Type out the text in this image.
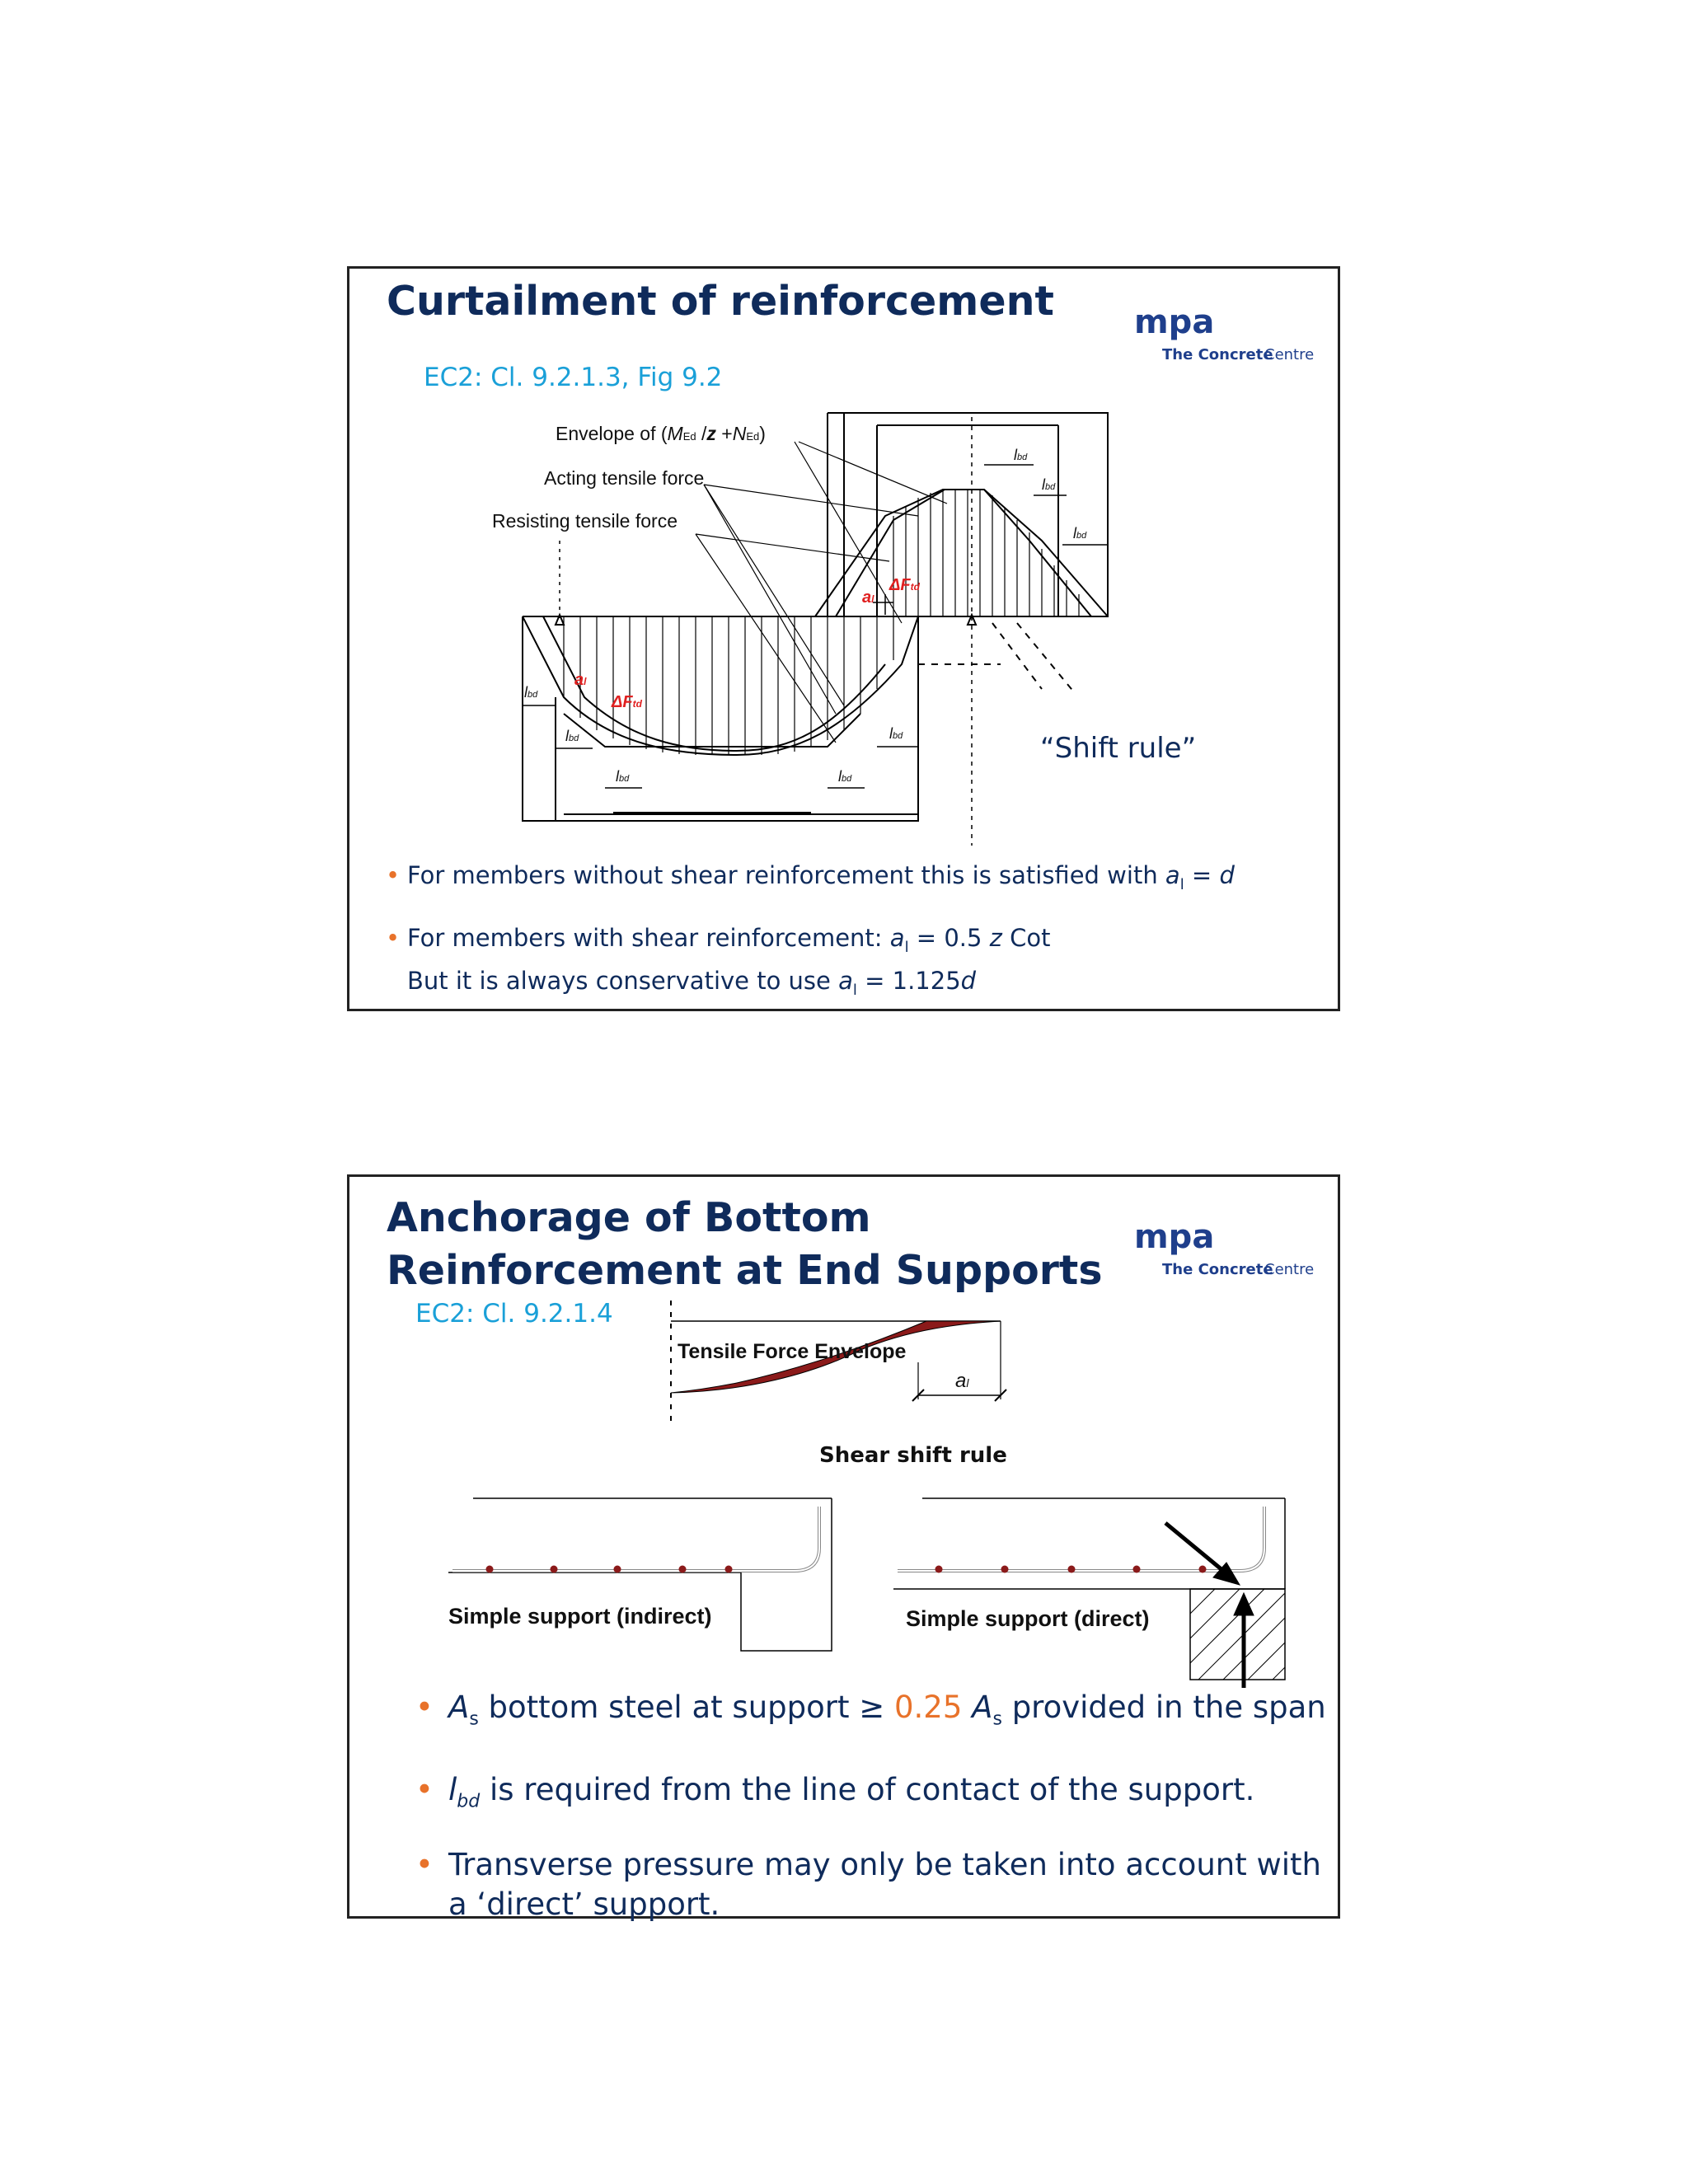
Curtailment of reinforcement
EC2: Cl. 9.2.1.3, Fig 9.2
mpa
The Concrete
Centre
Envelope of (MEd /z +NEd)
Acting tensile force
Resisting tensile force
lbd
lbd
lbd	lbd
lbd
lbd
lbd
lbd
al
al
ΔFtd
ΔFtd
“Shift rule”
• For members without shear reinforcement this is satisfied with $a_l = d$
• For members with shear reinforcement: $a_l = 0.5$ z Cot
But it is always conservative to use $a_l = 1.125d$
Anchorage of Bottom
Reinforcement at End Supports
EC2: Cl. 9.2.1.4
mpa
The Concrete
Centre
Tensile Force Envelope
al
Shear shift rule
Simple support (indirect)	Simple support (direct)
• $A_s$ bottom steel at support ≥ 0.25 $A_s$ provided in the span
• $l_{bd}$ is required from the line of contact of the support.
• Transverse pressure may only be taken into account with
a ‘direct’ support.
